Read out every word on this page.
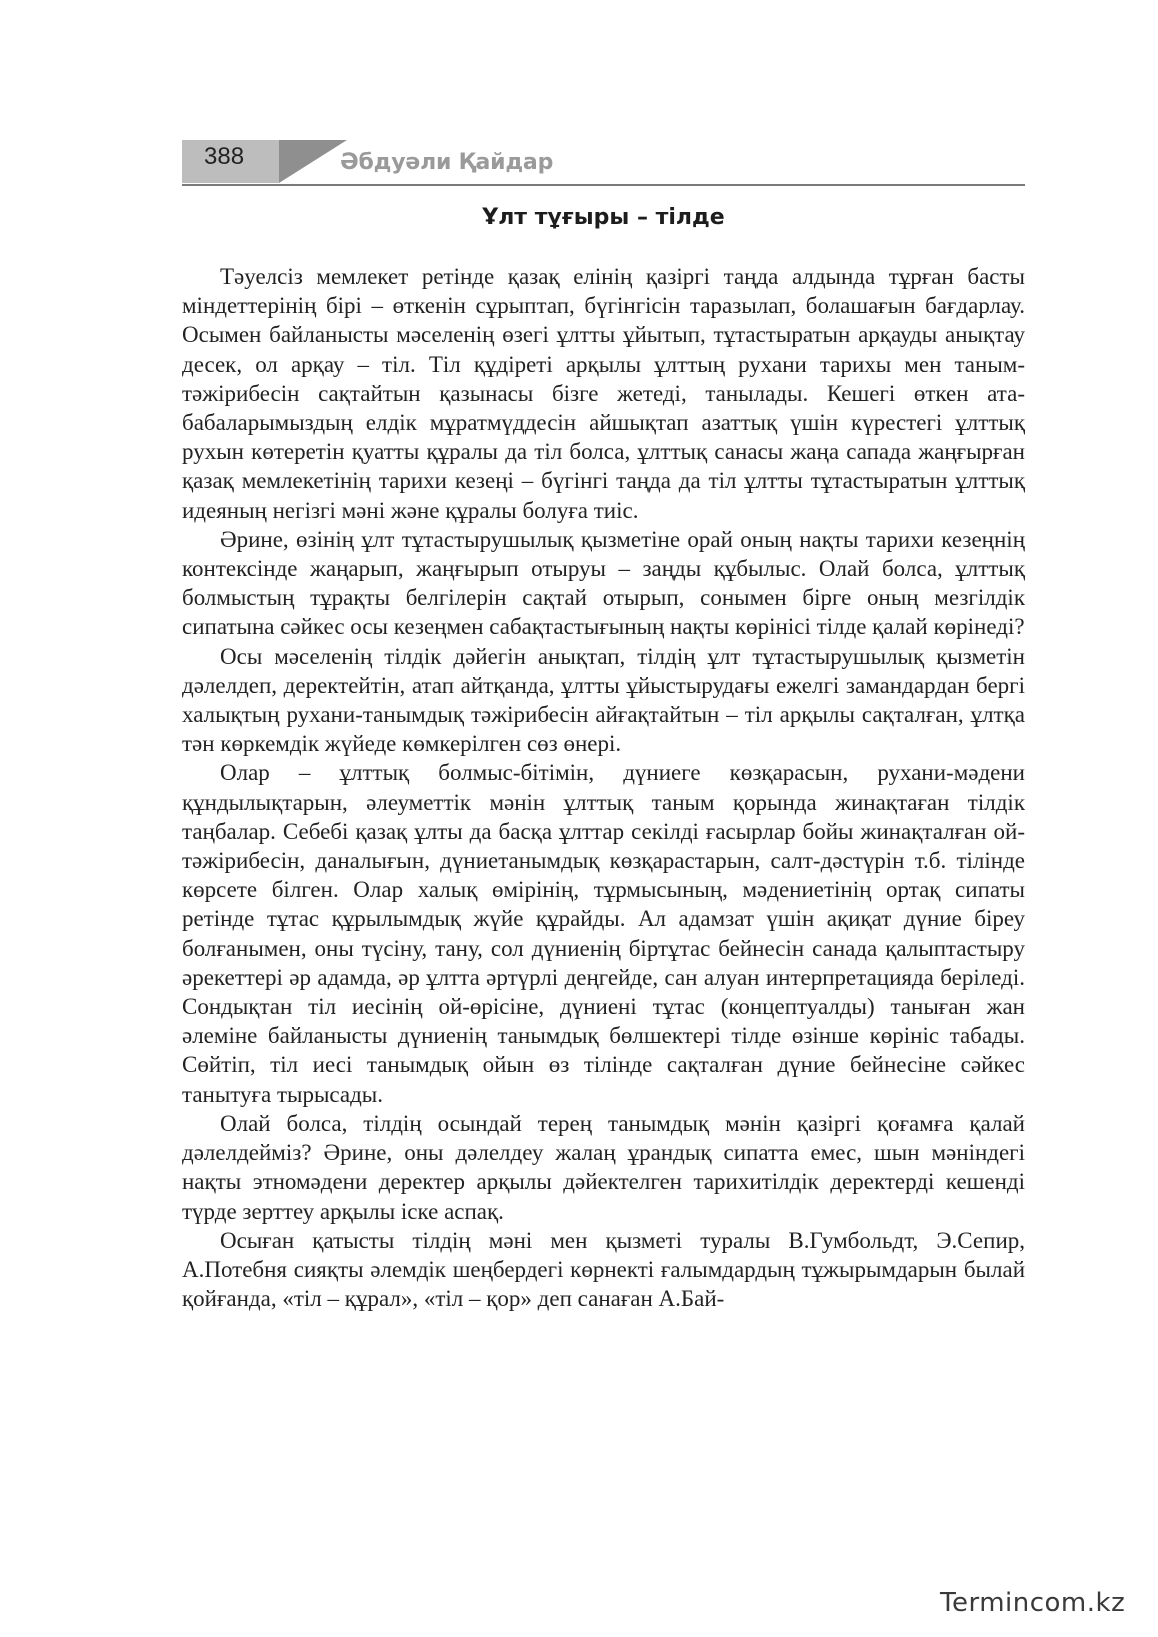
388	Әбдуәли Қайдар
Ұлт тұғыры – тілде

Тәуелсіз мемлекет ретінде қазақ елінің қазіргі таңда алдында тұрған басты міндеттерінің бірі – өткенін сұрыптап, бүгінгісін таразылап, болашағын бағдарлау. Осымен байланысты мәселенің өзегі ұлтты ұйытып, тұтастыратын арқауды анықтау десек, ол арқау – тіл. Тіл құдіреті арқылы ұлттың рухани тарихы мен таным-тәжірибесін сақтайтын қазынасы бізге жетеді, танылады. Кешегі өткен ата-бабаларымыздың елдік мұратмүддесін айшықтап азаттық үшін күрестегі ұлттық рухын көтеретін қуатты құралы да тіл болса, ұлттық санасы жаңа сапада жаңғырған қазақ мемлекетінің тарихи кезеңі – бүгінгі таңда да тіл ұлтты тұтастыратын ұлттық идеяның негізгі мәні және құралы болуға тиіс.

Әрине, өзінің ұлт тұтастырушылық қызметіне орай оның нақты тарихи кезеңнің контексінде жаңарып, жаңғырып отыруы – заңды құбылыс. Олай болса, ұлттық болмыстың тұрақты белгілерін сақтай отырып, сонымен бірге оның мезгілдік сипатына сәйкес осы кезеңмен сабақтастығының нақты көрінісі тілде қалай көрінеді?

Осы мәселенің тілдік дәйегін анықтап, тілдің ұлт тұтастырушылық қызметін дәлелдеп, деректейтін, атап айтқанда, ұлтты ұйыстырудағы ежелгі замандардан бергі халықтың рухани-танымдық тәжірибесін айғақтайтын – тіл арқылы сақталған, ұлтқа тән көркемдік жүйеде көмкерілген сөз өнері.

Олар – ұлттық болмыс-бітімін, дүниеге көзқарасын, рухани-мәдени құндылықтарын, әлеуметтік мәнін ұлттық таным қорында жинақтаған тілдік таңбалар. Себебі қазақ ұлты да басқа ұлттар секілді ғасырлар бойы жинақталған ой-тәжірибесін, даналығын, дүниетанымдық көзқарастарын, салт-дәстүрін т.б. тілінде көрсете білген. Олар халық өмірінің, тұрмысының, мәдениетінің ортақ сипаты ретінде тұтас құрылымдық жүйе құрайды. Ал адамзат үшін ақиқат дүние біреу болғанымен, оны түсіну, тану, сол дүниенің біртұтас бейнесін санада қалыптастыру әрекеттері әр адамда, әр ұлтта әртүрлі деңгейде, сан алуан интерпретацияда беріледі. Сондықтан тіл иесінің ой-өрісіне, дүниені тұтас (концептуалды) таныған жан әлеміне байланысты дүниенің танымдық бөлшектері тілде өзінше көрініс табады. Сөйтіп, тіл иесі танымдық ойын өз тілінде сақталған дүние бейнесіне сәйкес танытуға тырысады.

Олай болса, тілдің осындай терең танымдық мәнін қазіргі қоғамға қалай дәлелдейміз? Әрине, оны дәлелдеу жалаң ұрандық сипатта емес, шын мәніндегі нақты этномәдени деректер арқылы дәйектелген тарихитілдік деректерді кешенді түрде зерттеу арқылы іске аспақ.

Осыған қатысты тілдің мәні мен қызметі туралы В.Гумбольдт, Э.Сепир, А.Потебня сияқты әлемдік шеңбердегі көрнекті ғалымдардың тұжырымдарын былай қойғанда, «тіл – құрал», «тіл – қор» деп санаған А.Бай-

Termincom.kz
